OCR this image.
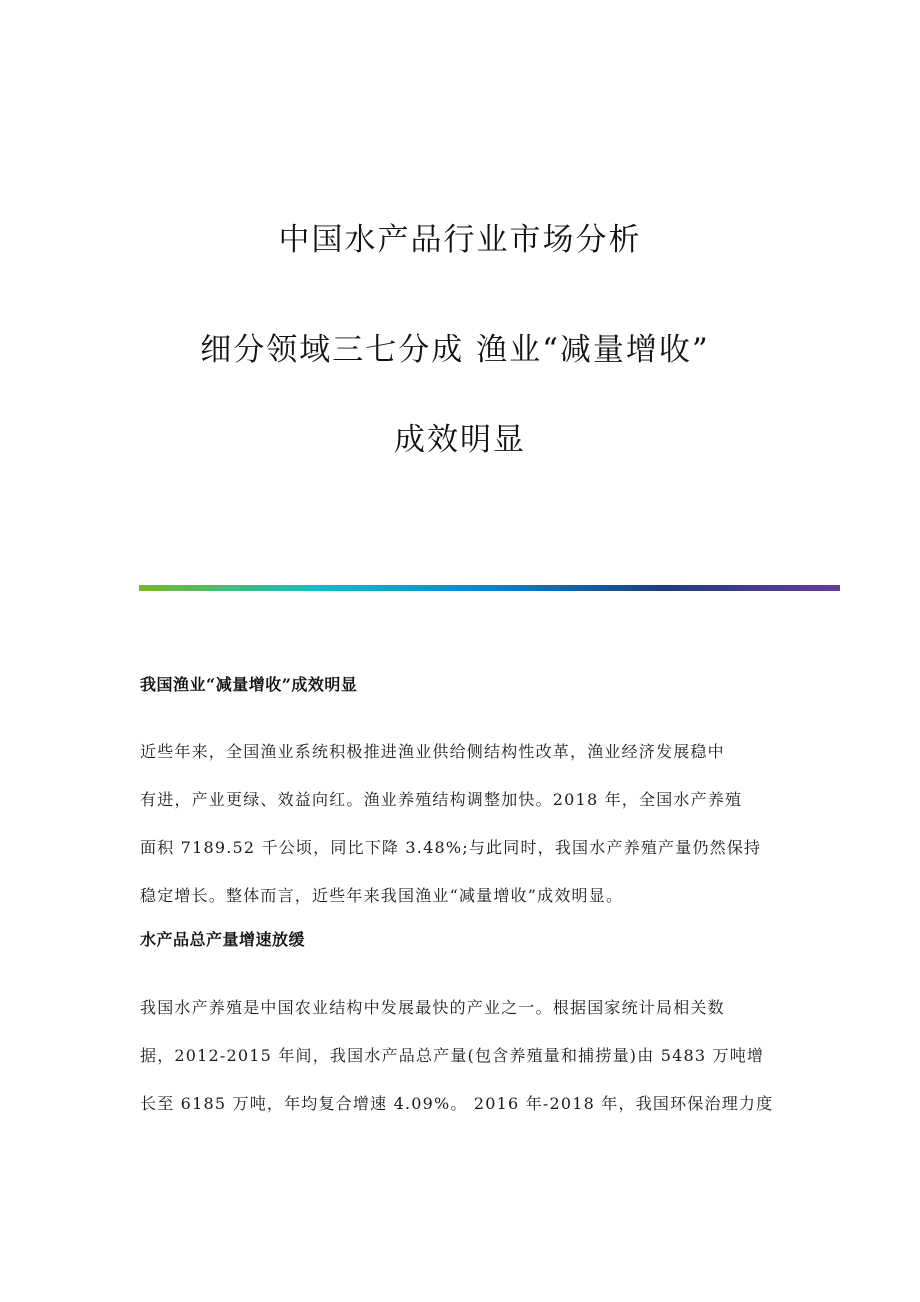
中国水产品行业市场分析
细分领域三七分成 渔业“减量增收”
成效明显
我国渔业“减量增收”成效明显
近些年来，全国渔业系统积极推进渔业供给侧结构性改革，渔业经济发展稳中
有进，产业更绿、效益向红。渔业养殖结构调整加快。2018 年，全国水产养殖
面积 7189.52 千公顷，同比下降 3.48%;与此同时，我国水产养殖产量仍然保持
稳定增长。整体而言，近些年来我国渔业“减量增收”成效明显。
水产品总产量增速放缓
我国水产养殖是中国农业结构中发展最快的产业之一。根据国家统计局相关数
据，2012-2015 年间，我国水产品总产量(包含养殖量和捕捞量)由 5483 万吨增
长至 6185 万吨，年均复合增速 4.09%。 2016 年-2018 年，我国环保治理力度
